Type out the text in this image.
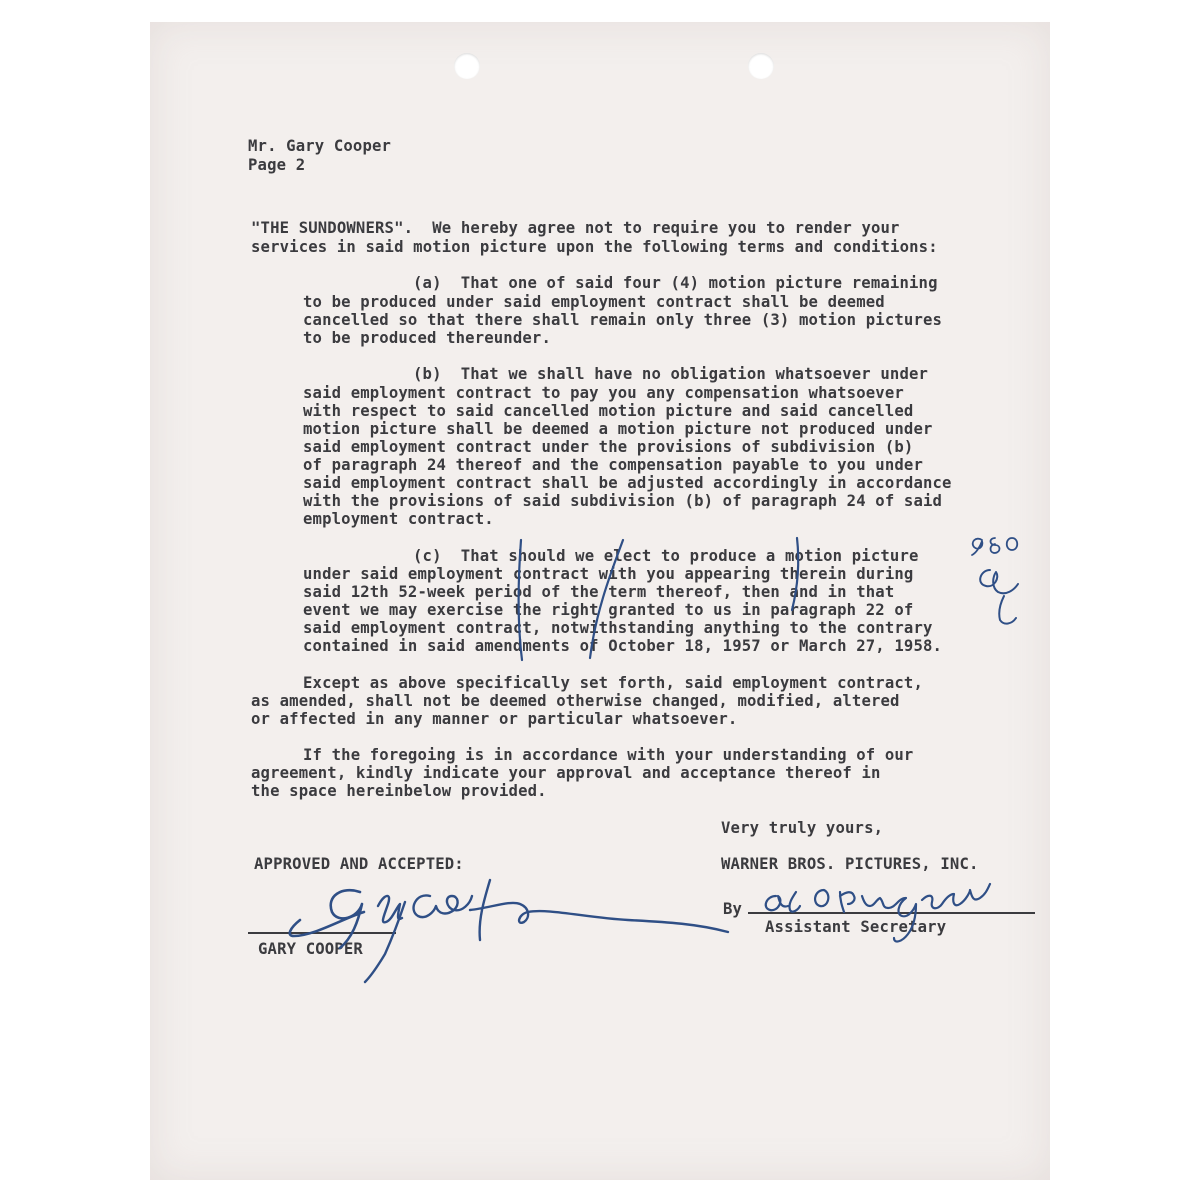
Mr. Gary Cooper
Page 2
"THE SUNDOWNERS".  We hereby agree not to require you to render your
services in said motion picture upon the following terms and conditions:
(a)  That one of said four (4) motion picture remaining
to be produced under said employment contract shall be deemed
cancelled so that there shall remain only three (3) motion pictures
to be produced thereunder.
(b)  That we shall have no obligation whatsoever under
said employment contract to pay you any compensation whatsoever
with respect to said cancelled motion picture and said cancelled
motion picture shall be deemed a motion picture not produced under
said employment contract under the provisions of subdivision (b)
of paragraph 24 thereof and the compensation payable to you under
said employment contract shall be adjusted accordingly in accordance
with the provisions of said subdivision (b) of paragraph 24 of said
employment contract.
(c)  That should we elect to produce a motion picture
under said employment contract with you appearing therein during
said 12th 52-week period of the term thereof, then and in that
event we may exercise the right granted to us in paragraph 22 of
said employment contract, notwithstanding anything to the contrary
contained in said amendments of October 18, 1957 or March 27, 1958.
Except as above specifically set forth, said employment contract,
as amended, shall not be deemed otherwise changed, modified, altered
or affected in any manner or particular whatsoever.
If the foregoing is in accordance with your understanding of our
agreement, kindly indicate your approval and acceptance thereof in
the space hereinbelow provided.
Very truly yours,
WARNER BROS. PICTURES, INC.
APPROVED AND ACCEPTED:
GARY COOPER
By
Assistant Secretary
